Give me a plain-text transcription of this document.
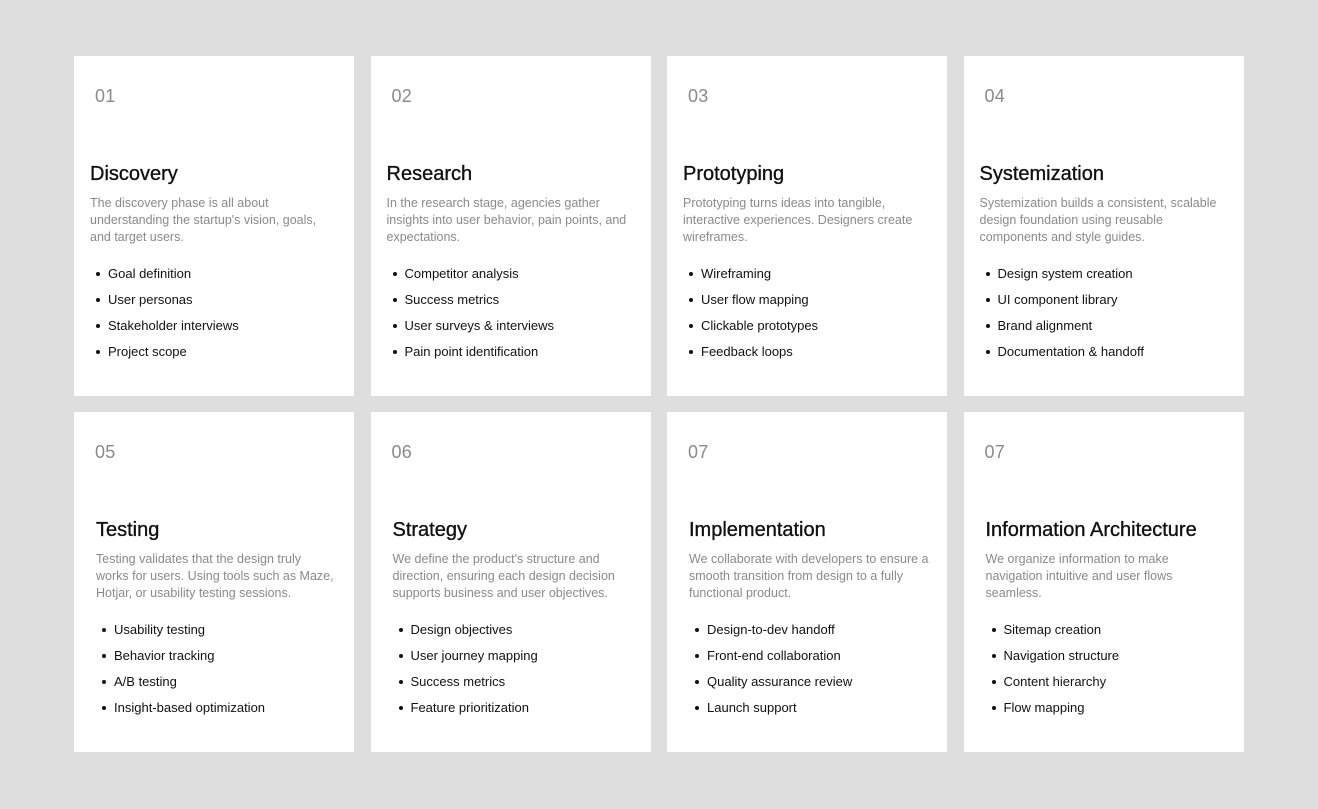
01
Discovery

The discovery phase is all about understanding the startup's vision, goals, and target users.

Goal definition
User personas
Stakeholder interviews
Project scope
02
Research

In the research stage, agencies gather insights into user behavior, pain points, and expectations.

Competitor analysis
Success metrics
User surveys & interviews
Pain point identification
03
Prototyping

Prototyping turns ideas into tangible, interactive experiences. Designers create wireframes.

Wireframing
User flow mapping
Clickable prototypes
Feedback loops
04
Systemization

Systemization builds a consistent, scalable design foundation using reusable components and style guides.

Design system creation
UI component library
Brand alignment
Documentation & handoff
05
Testing

Testing validates that the design truly works for users. Using tools such as Maze, Hotjar, or usability testing sessions.

Usability testing
Behavior tracking
A/B testing
Insight-based optimization
06
Strategy

We define the product's structure and direction, ensuring each design decision supports business and user objectives.

Design objectives
User journey mapping
Success metrics
Feature prioritization
07
Implementation

We collaborate with developers to ensure a smooth transition from design to a fully functional product.

Design-to-dev handoff
Front-end collaboration
Quality assurance review
Launch support
07
Information Architecture

We organize information to make navigation intuitive and user flows seamless.

Sitemap creation
Navigation structure
Content hierarchy
Flow mapping
